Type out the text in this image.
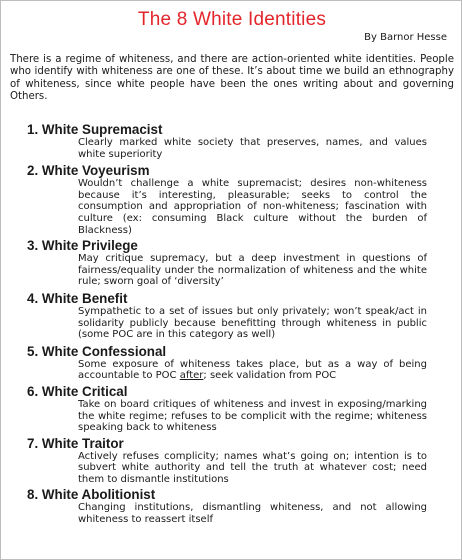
The 8 White Identities
By Barnor Hesse
There is a regime of whiteness, and there are action-oriented white identities. People who identify with whiteness are one of these. It’s about time we build an ethnography of whiteness, since white people have been the ones writing about and governing Others.
1. White Supremacist
Clearly marked white society that preserves, names, and values white superiority
2. White Voyeurism
Wouldn’t challenge a white supremacist; desires non-whiteness because it’s interesting, pleasurable; seeks to control the consumption and appropriation of non-whiteness; fascination with culture (ex: consuming Black culture without the burden of Blackness)
3. White Privilege
May critique supremacy, but a deep investment in questions of fairness/equality under the normalization of whiteness and the white rule; sworn goal of ‘diversity’
4. White Benefit
Sympathetic to a set of issues but only privately; won’t speak/act in solidarity publicly because benefitting through whiteness in public (some POC are in this category as well)
5. White Confessional
Some exposure of whiteness takes place, but as a way of being accountable to POC after; seek validation from POC
6. White Critical
Take on board critiques of whiteness and invest in exposing/marking the white regime; refuses to be complicit with the regime; whiteness speaking back to whiteness
7. White Traitor
Actively refuses complicity; names what’s going on; intention is to subvert white authority and tell the truth at whatever cost; need them to dismantle institutions
8. White Abolitionist
Changing institutions, dismantling whiteness, and not allowing whiteness to reassert itself
